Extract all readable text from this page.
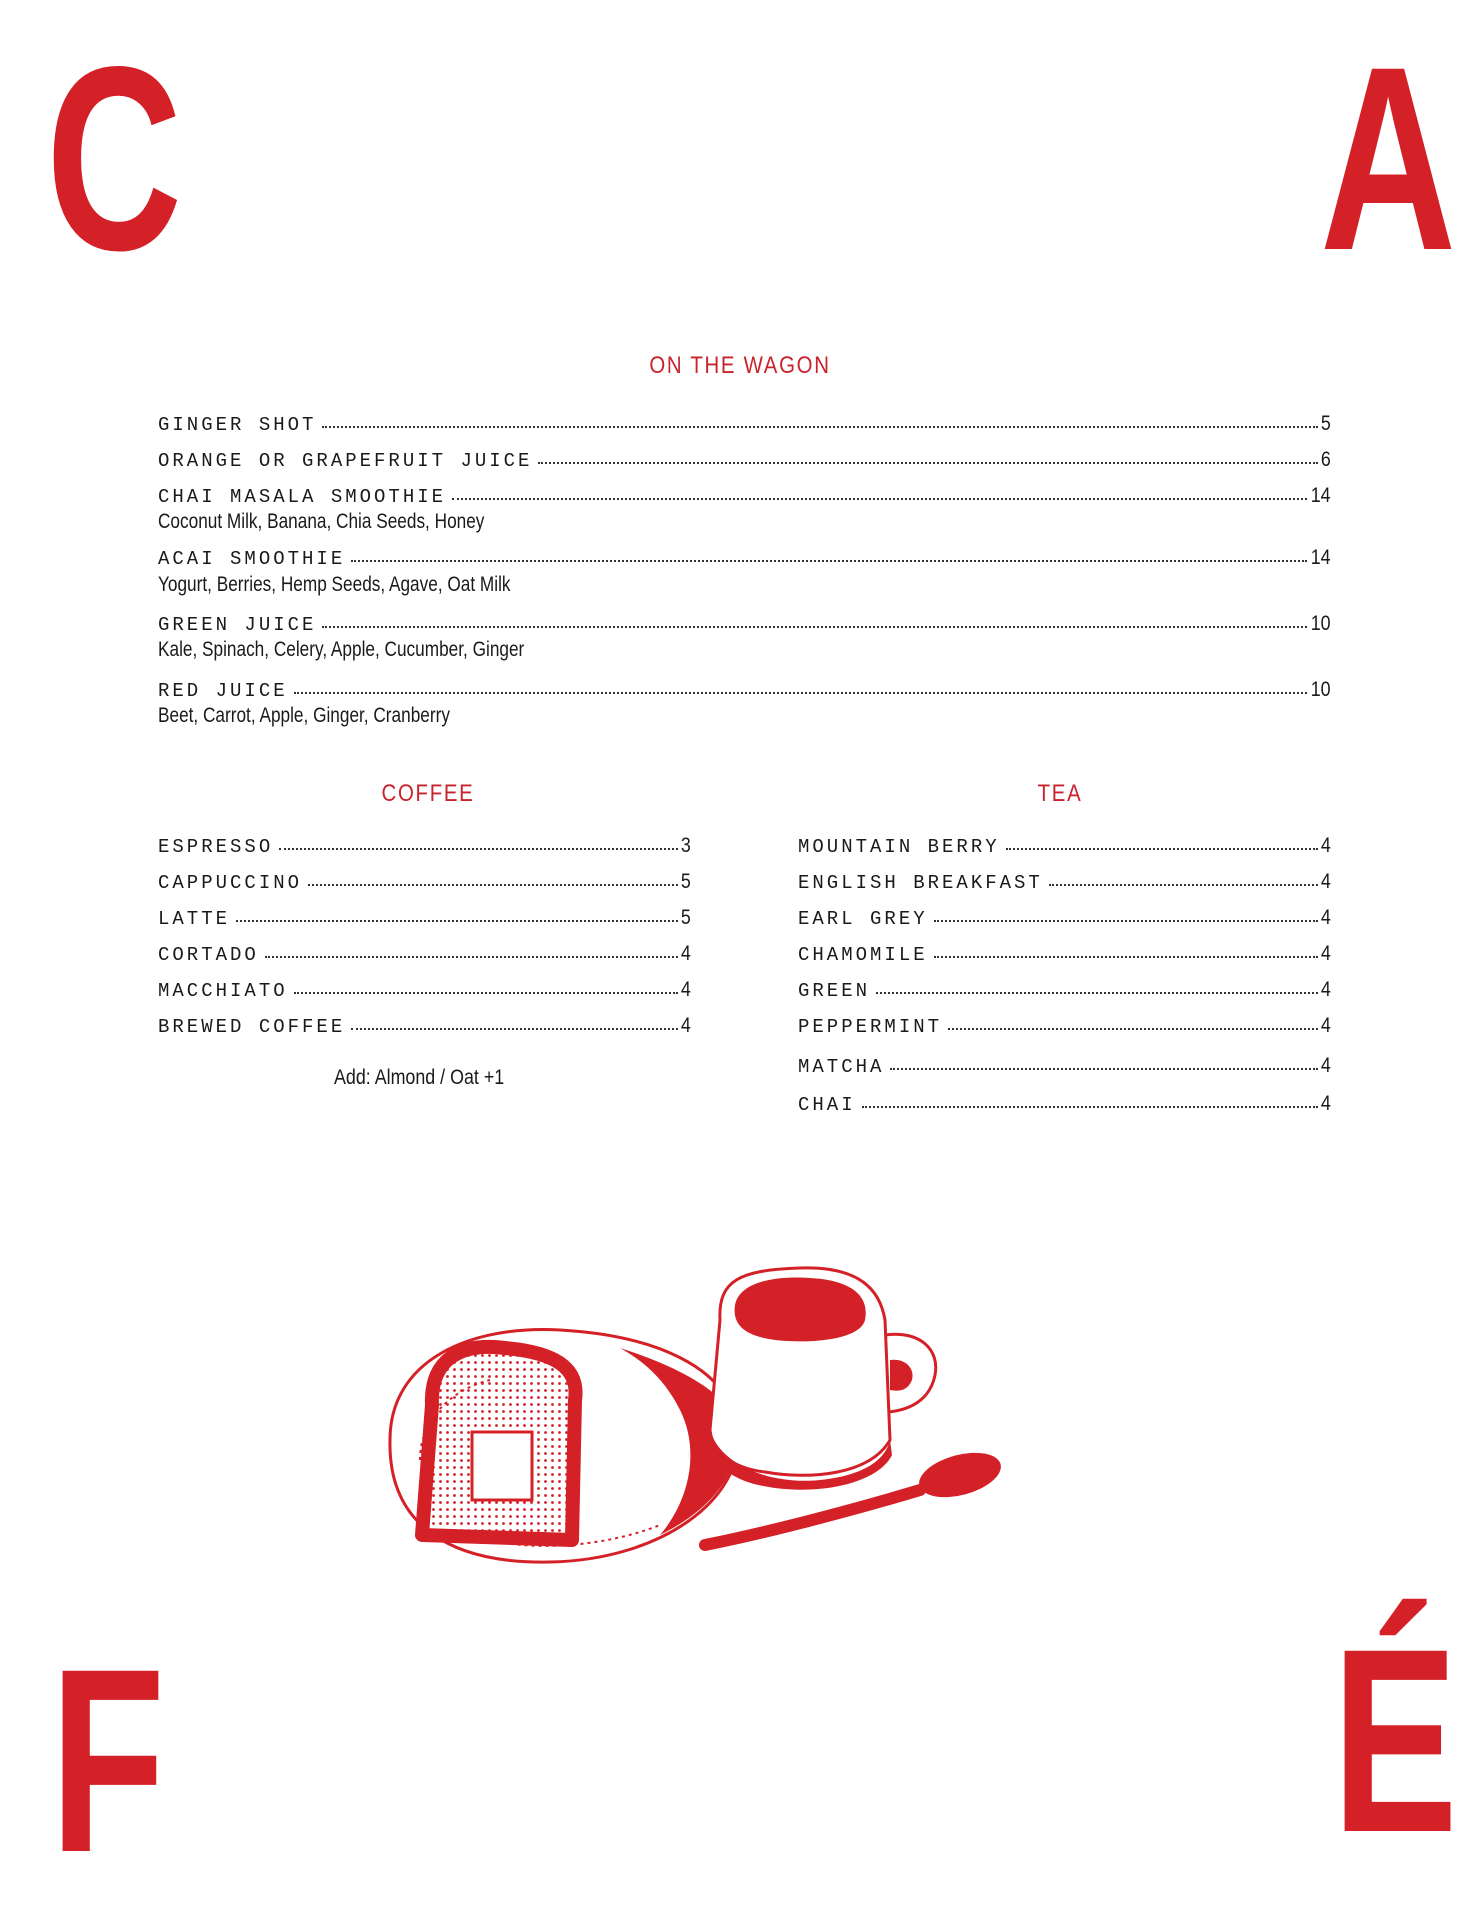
C	A
F	É
ON THE WAGON
GINGER SHOT	5
ORANGE OR GRAPEFRUIT JUICE	6
CHAI MASALA SMOOTHIE	14
Coconut Milk, Banana, Chia Seeds, Honey
ACAI SMOOTHIE	14
Yogurt, Berries, Hemp Seeds, Agave, Oat Milk
GREEN JUICE	10
Kale, Spinach, Celery, Apple, Cucumber, Ginger
RED JUICE	10
Beet, Carrot, Apple, Ginger, Cranberry
COFFEE
ESPRESSO	3
CAPPUCCINO	5
LATTE	5
CORTADO	4
MACCHIATO	4
BREWED COFFEE	4
Add: Almond / Oat +1
TEA
MOUNTAIN BERRY	4
ENGLISH BREAKFAST	4
EARL GREY	4
CHAMOMILE	4
GREEN	4
PEPPERMINT	4
MATCHA	4
CHAI	4
